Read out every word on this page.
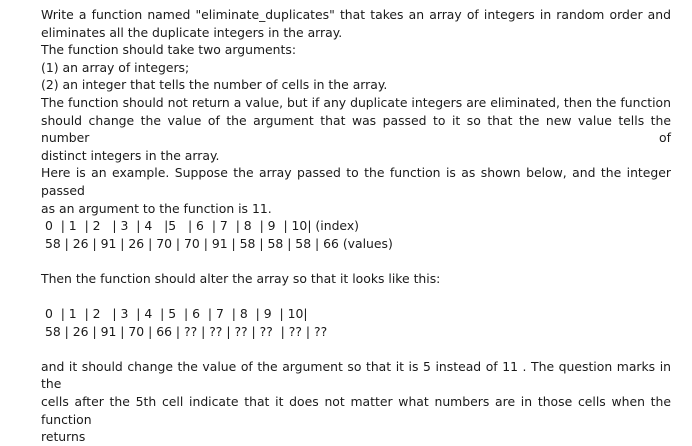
Write a function named "eliminate_duplicates" that takes an array of integers in random order and

eliminates all the duplicate integers in the array.

The function should take two arguments:

(1) an array of integers;

(2) an integer that tells the number of cells in the array.

The function should not return a value, but if any duplicate integers are eliminated, then the function

should change the value of the argument that was passed to it so that the new value tells the number of

distinct integers in the array.

Here is an example. Suppose the array passed to the function is as shown below, and the integer passed

as an argument to the function is 11.

0  | 1  | 2   | 3  | 4   |5   | 6  | 7  | 8  | 9  | 10| (index)

58 | 26 | 91 | 26 | 70 | 70 | 91 | 58 | 58 | 58 | 66 (values)

Then the function should alter the array so that it looks like this:

0  | 1  | 2   | 3  | 4  | 5  | 6  | 7  | 8  | 9  | 10|

58 | 26 | 91 | 70 | 66 | ?? | ?? | ?? | ??  | ?? | ??

and it should change the value of the argument so that it is 5 instead of 11 . The question marks in the

cells after the 5th cell indicate that it does not matter what numbers are in those cells when the function

returns
